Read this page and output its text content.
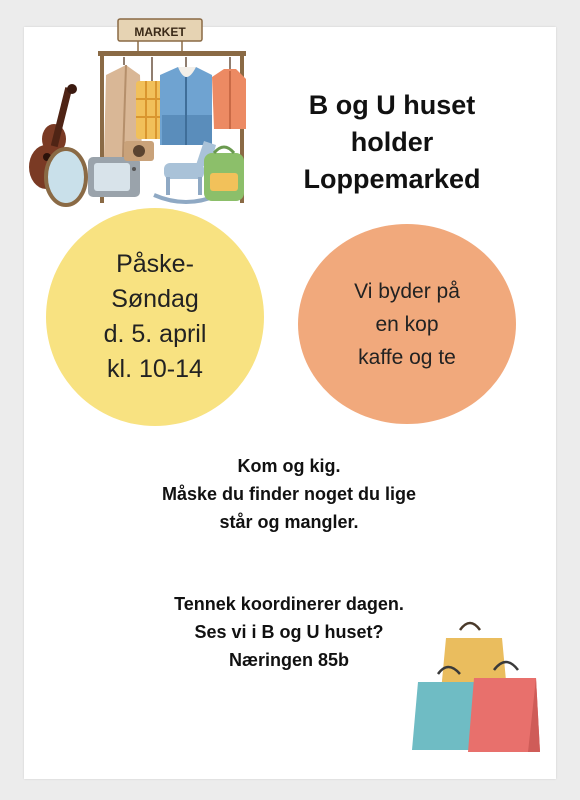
MARKET
B og U huset
holder
Loppemarked
Påske-
Søndag
d. 5. april
kl. 10-14
Vi byder på
en kop
kaffe og te
Kom og kig.
Måske du finder noget du lige
står og mangler.
Tennek koordinerer dagen.
Ses vi i B og U huset?
Næringen 85b
